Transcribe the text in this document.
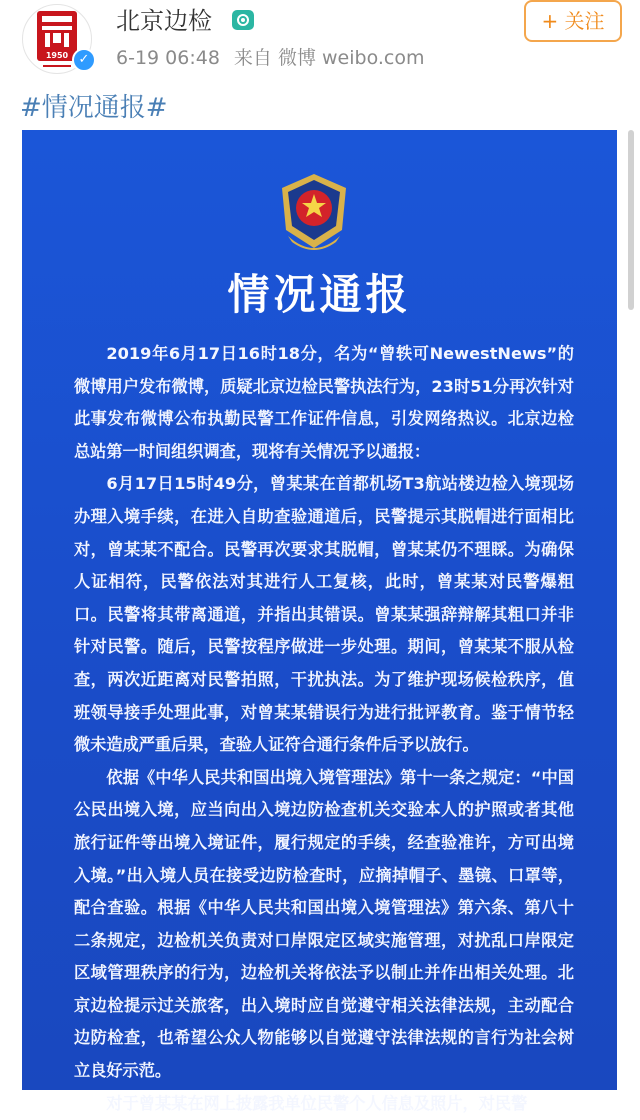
1950 ✓
北京边检
6-19 06:48 来自 微博 weibo.com
+ 关注
#情况通报#
情况通报

2019年6月17日16时18分，名为“曾轶可NewestNews”的微博用户发布微博，质疑北京边检民警执法行为，23时51分再次针对此事发布微博公布执勤民警工作证件信息，引发网络热议。北京边检总站第一时间组织调查，现将有关情况予以通报：

6月17日15时49分，曾某某在首都机场T3航站楼边检入境现场办理入境手续，在进入自助查验通道后，民警提示其脱帽进行面相比对，曾某某不配合。民警再次要求其脱帽，曾某某仍不理睬。为确保人证相符，民警依法对其进行人工复核，此时，曾某某对民警爆粗口。民警将其带离通道，并指出其错误。曾某某强辞辩解其粗口并非针对民警。随后，民警按程序做进一步处理。期间，曾某某不服从检查，两次近距离对民警拍照，干扰执法。为了维护现场候检秩序，值班领导接手处理此事，对曾某某错误行为进行批评教育。鉴于情节轻微未造成严重后果，查验人证符合通行条件后予以放行。

依据《中华人民共和国出境入境管理法》第十一条之规定：“中国公民出境入境，应当向出入境边防检查机关交验本人的护照或者其他旅行证件等出境入境证件，履行规定的手续，经查验准许，方可出境入境。”出入境人员在接受边防检查时，应摘掉帽子、墨镜、口罩等，配合查验。根据《中华人民共和国出境入境管理法》第六条、第八十二条规定，边检机关负责对口岸限定区域实施管理，对扰乱口岸限定区域管理秩序的行为，边检机关将依法予以制止并作出相关处理。北京边检提示过关旅客，出入境时应自觉遵守相关法律法规，主动配合边防检查，也希望公众人物能够以自觉遵守法律法规的言行为社会树立良好示范。

对于曾某某在网上披露我单位民警个人信息及照片，对民警
